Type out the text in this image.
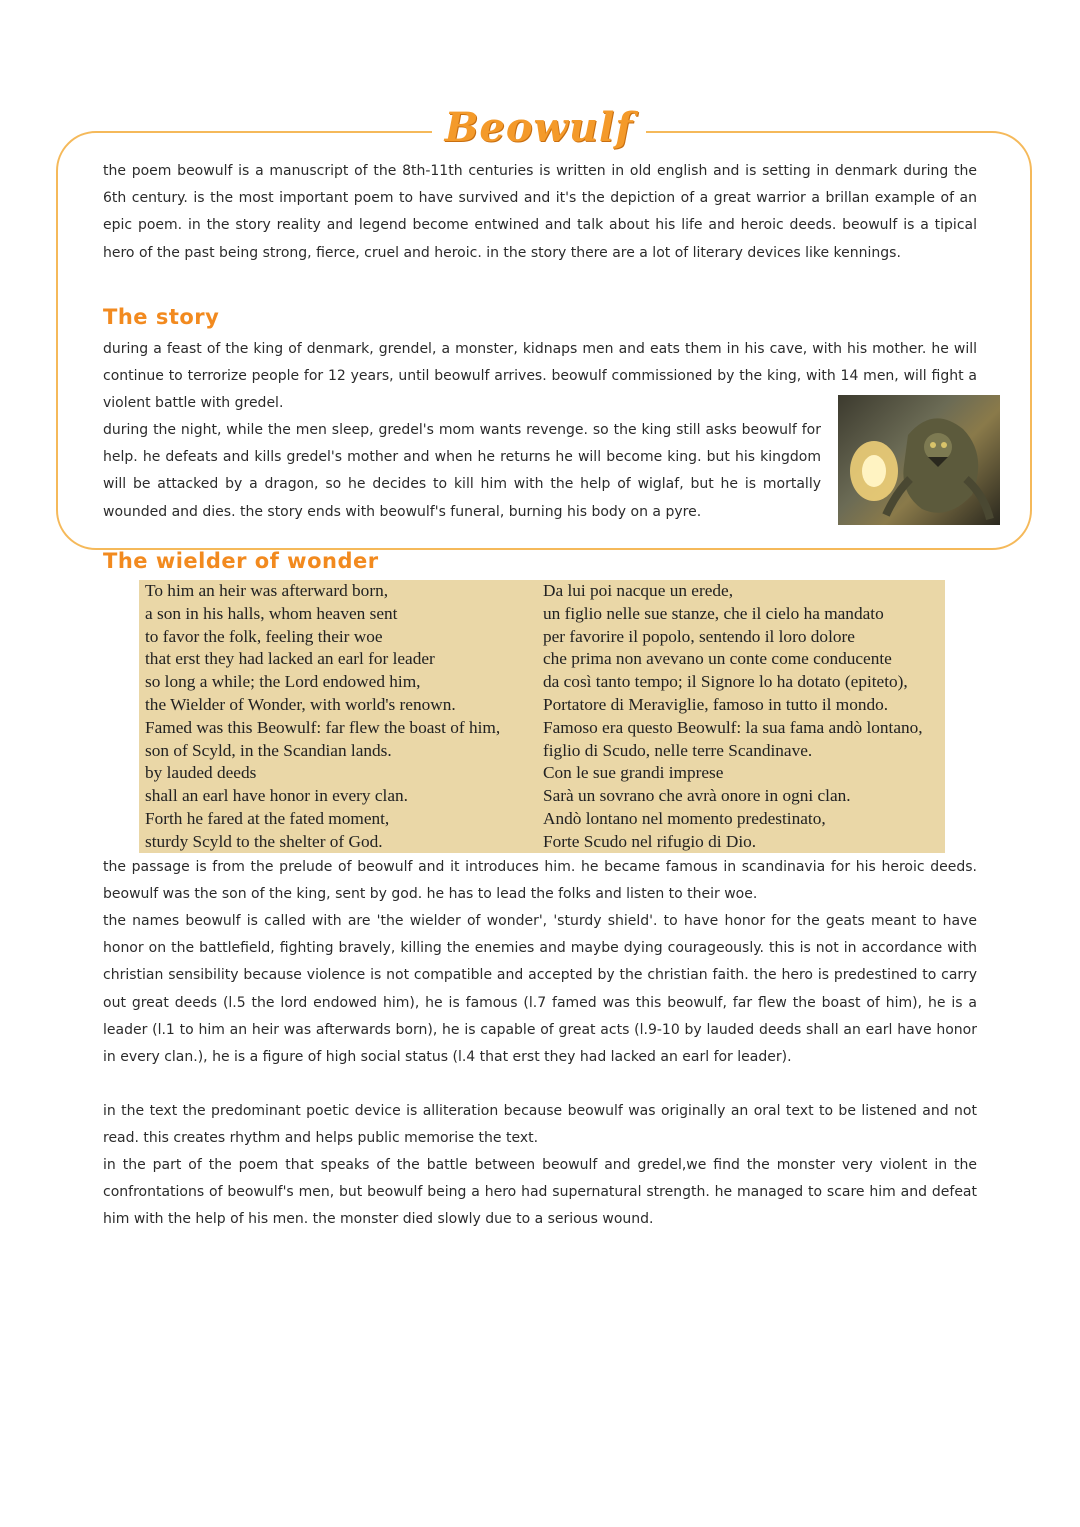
Beowulf

the poem beowulf is a manuscript of the 8th-11th centuries is written in old english and is setting in denmark during the 6th century. is the most important poem to have survived and it's the depiction of a great warrior a brillan example of an epic poem. in the story reality and legend become entwined and talk about his life and heroic deeds. beowulf is a tipical hero of the past being strong, fierce, cruel and heroic. in the story there are a lot of literary devices like kennings.

The story

during a feast of the king of denmark, grendel, a monster, kidnaps men and eats them in his cave, with his mother. he will continue to terrorize people for 12 years, until beowulf arrives. beowulf commissioned by the king, with 14 men, will fight a violent battle with gredel.

during the night, while the men sleep, gredel's mom wants revenge. so the king still asks beowulf for help. he defeats and kills gredel's mother and when he returns he will become king. but his kingdom will be attacked by a dragon, so he decides to kill him with the help of wiglaf, but he is mortally wounded and dies. the story ends with beowulf's funeral, burning his body on a pyre.

The wielder of wonder
To him an heir was afterward born,
a son in his halls, whom heaven sent
to favor the folk, feeling their woe
that erst they had lacked an earl for leader
so long a while; the Lord endowed him,
the Wielder of Wonder, with world's renown.
Famed was this Beowulf: far flew the boast of him,
son of Scyld, in the Scandian lands.
by lauded deeds
shall an earl have honor in every clan.
Forth he fared at the fated moment,
sturdy Scyld to the shelter of God.
Da lui poi nacque un erede,
un figlio nelle sue stanze, che il cielo ha mandato
per favorire il popolo, sentendo il loro dolore
che prima non avevano un conte come conducente
da così tanto tempo; il Signore lo ha dotato (epiteto),
Portatore di Meraviglie, famoso in tutto il mondo.
Famoso era questo Beowulf: la sua fama andò lontano,
figlio di Scudo, nelle terre Scandinave.
Con le sue grandi imprese
Sarà un sovrano che avrà onore in ogni clan.
Andò lontano nel momento predestinato,
Forte Scudo nel rifugio di Dio.

the passage is from the prelude of beowulf and it introduces him. he became famous in scandinavia for his heroic deeds. beowulf was the son of the king, sent by god. he has to lead the folks and listen to their woe.

the names beowulf is called with are 'the wielder of wonder', 'sturdy shield'. to have honor for the geats meant to have honor on the battlefield, fighting bravely, killing the enemies and maybe dying courageously. this is not in accordance with christian sensibility because violence is not compatible and accepted by the christian faith. the hero is predestined to carry out great deeds (l.5 the lord endowed him), he is famous (l.7 famed was this beowulf, far flew the boast of him), he is a leader (l.1 to him an heir was afterwards born), he is capable of great acts (l.9-10 by lauded deeds shall an earl have honor in every clan.), he is a figure of high social status (l.4 that erst they had lacked an earl for leader).

in the text the predominant poetic device is alliteration because beowulf was originally an oral text to be listened and not read. this creates rhythm and helps public memorise the text.

in the part of the poem that speaks of the battle between beowulf and gredel,we find the monster very violent in the confrontations of beowulf's men, but beowulf being a hero had supernatural strength. he managed to scare him and defeat him with the help of his men. the monster died slowly due to a serious wound.
